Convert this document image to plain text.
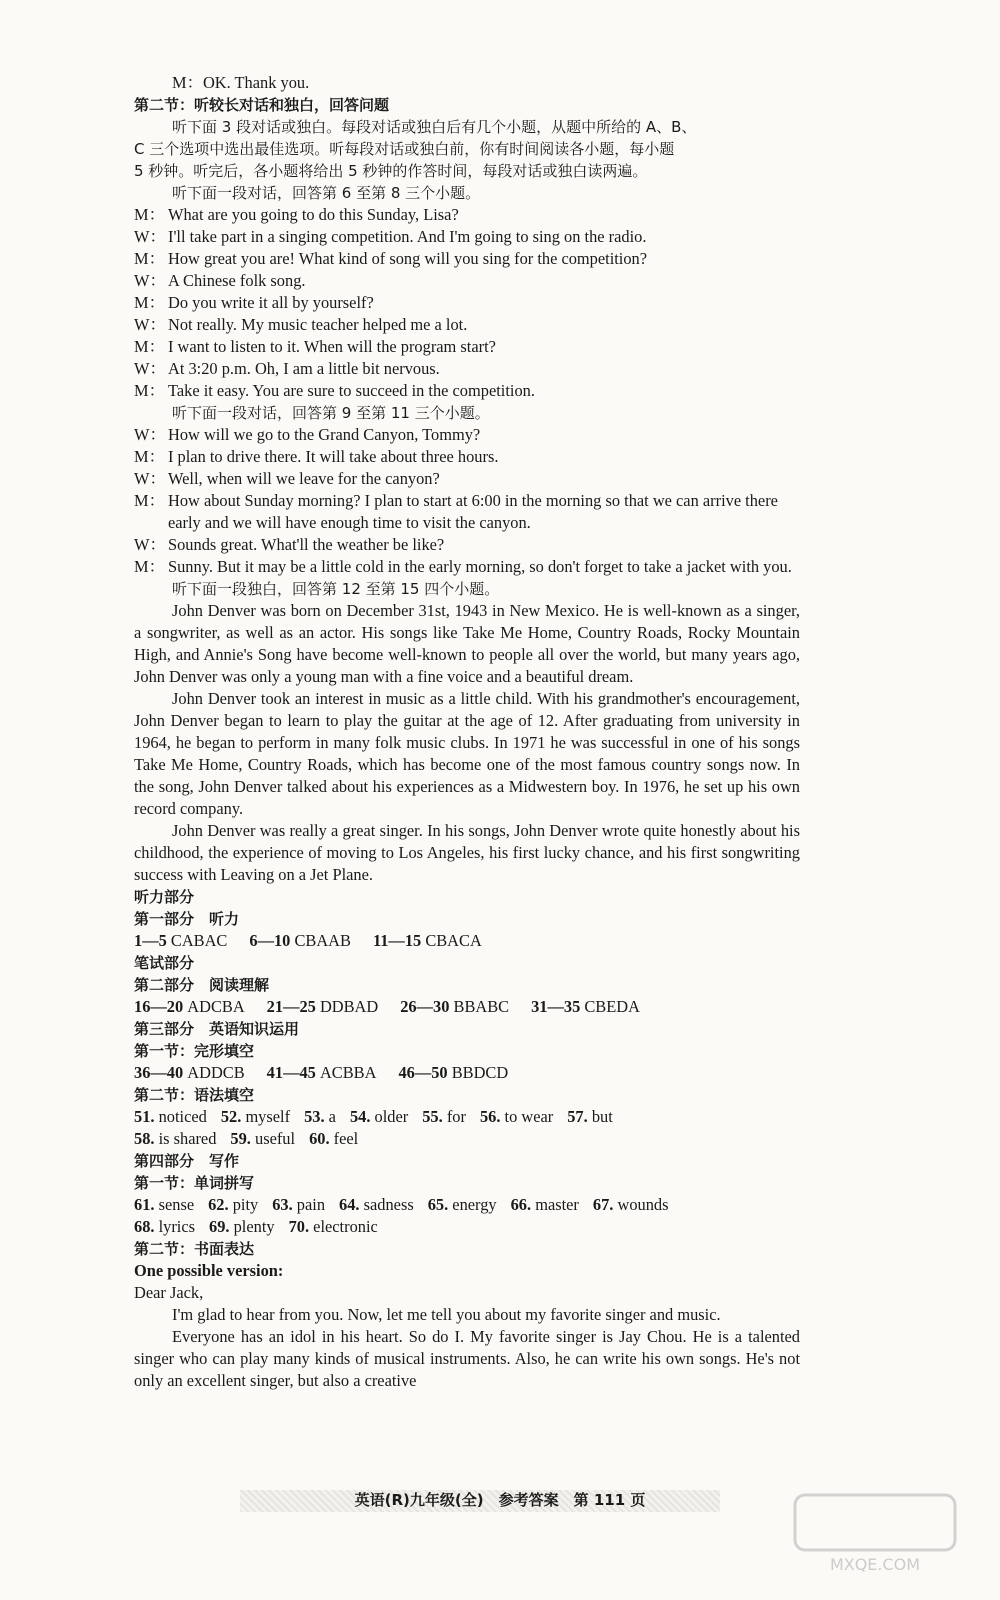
M： OK. Thank you.
第二节：听较长对话和独白，回答问题
听下面 3 段对话或独白。每段对话或独白后有几个小题，从题中所给的 A、B、
C 三个选项中选出最佳选项。听每段对话或独白前，你有时间阅读各小题，每小题
5 秒钟。听完后，各小题将给出 5 秒钟的作答时间，每段对话或独白读两遍。
听下面一段对话，回答第 6 至第 8 三个小题。
M： What are you going to do this Sunday, Lisa?
W： I'll take part in a singing competition. And I'm going to sing on the radio.
M： How great you are! What kind of song will you sing for the competition?
W： A Chinese folk song.
M： Do you write it all by yourself?
W： Not really. My music teacher helped me a lot.
M： I want to listen to it. When will the program start?
W： At 3:20 p.m. Oh, I am a little bit nervous.
M： Take it easy. You are sure to succeed in the competition.
听下面一段对话，回答第 9 至第 11 三个小题。
W： How will we go to the Grand Canyon, Tommy?
M： I plan to drive there. It will take about three hours.
W： Well, when will we leave for the canyon?
M： How about Sunday morning? I plan to start at 6:00 in the morning so that we can arrive there early and we will have enough time to visit the canyon.
W： Sounds great. What'll the weather be like?
M： Sunny. But it may be a little cold in the early morning, so don't forget to take a jacket with you.
听下面一段独白，回答第 12 至第 15 四个小题。
John Denver was born on December 31st, 1943 in New Mexico. He is well-known as a singer, a songwriter, as well as an actor. His songs like Take Me Home, Country Roads, Rocky Mountain High, and Annie's Song have become well-known to people all over the world, but many years ago, John Denver was only a young man with a fine voice and a beautiful dream.
John Denver took an interest in music as a little child. With his grandmother's encouragement, John Denver began to learn to play the guitar at the age of 12. After graduating from university in 1964, he began to perform in many folk music clubs. In 1971 he was successful in one of his songs Take Me Home, Country Roads, which has become one of the most famous country songs now. In the song, John Denver talked about his experiences as a Midwestern boy. In 1976, he set up his own record company.
John Denver was really a great singer. In his songs, John Denver wrote quite honestly about his childhood, the experience of moving to Los Angeles, his first lucky chance, and his first songwriting success with Leaving on a Jet Plane.
听力部分
第一部分　听力
1—5 CABAC 6—10 CBAAB 11—15 CBACA
笔试部分
第二部分　阅读理解
16—20 ADCBA 21—25 DDBAD 26—30 BBABC 31—35 CBEDA
第三部分　英语知识运用
第一节：完形填空
36—40 ADDCB 41—45 ACBBA 46—50 BBDCD
第二节：语法填空
51. noticed 52. myself 53. a 54. older 55. for 56. to wear 57. but
58. is shared 59. useful 60. feel
第四部分　写作
第一节：单词拼写
61. sense 62. pity 63. pain 64. sadness 65. energy 66. master 67. wounds
68. lyrics 69. plenty 70. electronic
第二节：书面表达
One possible version:
Dear Jack,
I'm glad to hear from you. Now, let me tell you about my favorite singer and music.
Everyone has an idol in his heart. So do I. My favorite singer is Jay Chou. He is a talented singer who can play many kinds of musical instruments. Also, he can write his own songs. He's not only an excellent singer, but also a creative
英语(R)九年级(全)　参考答案　第 111 页
MXQE.COM
